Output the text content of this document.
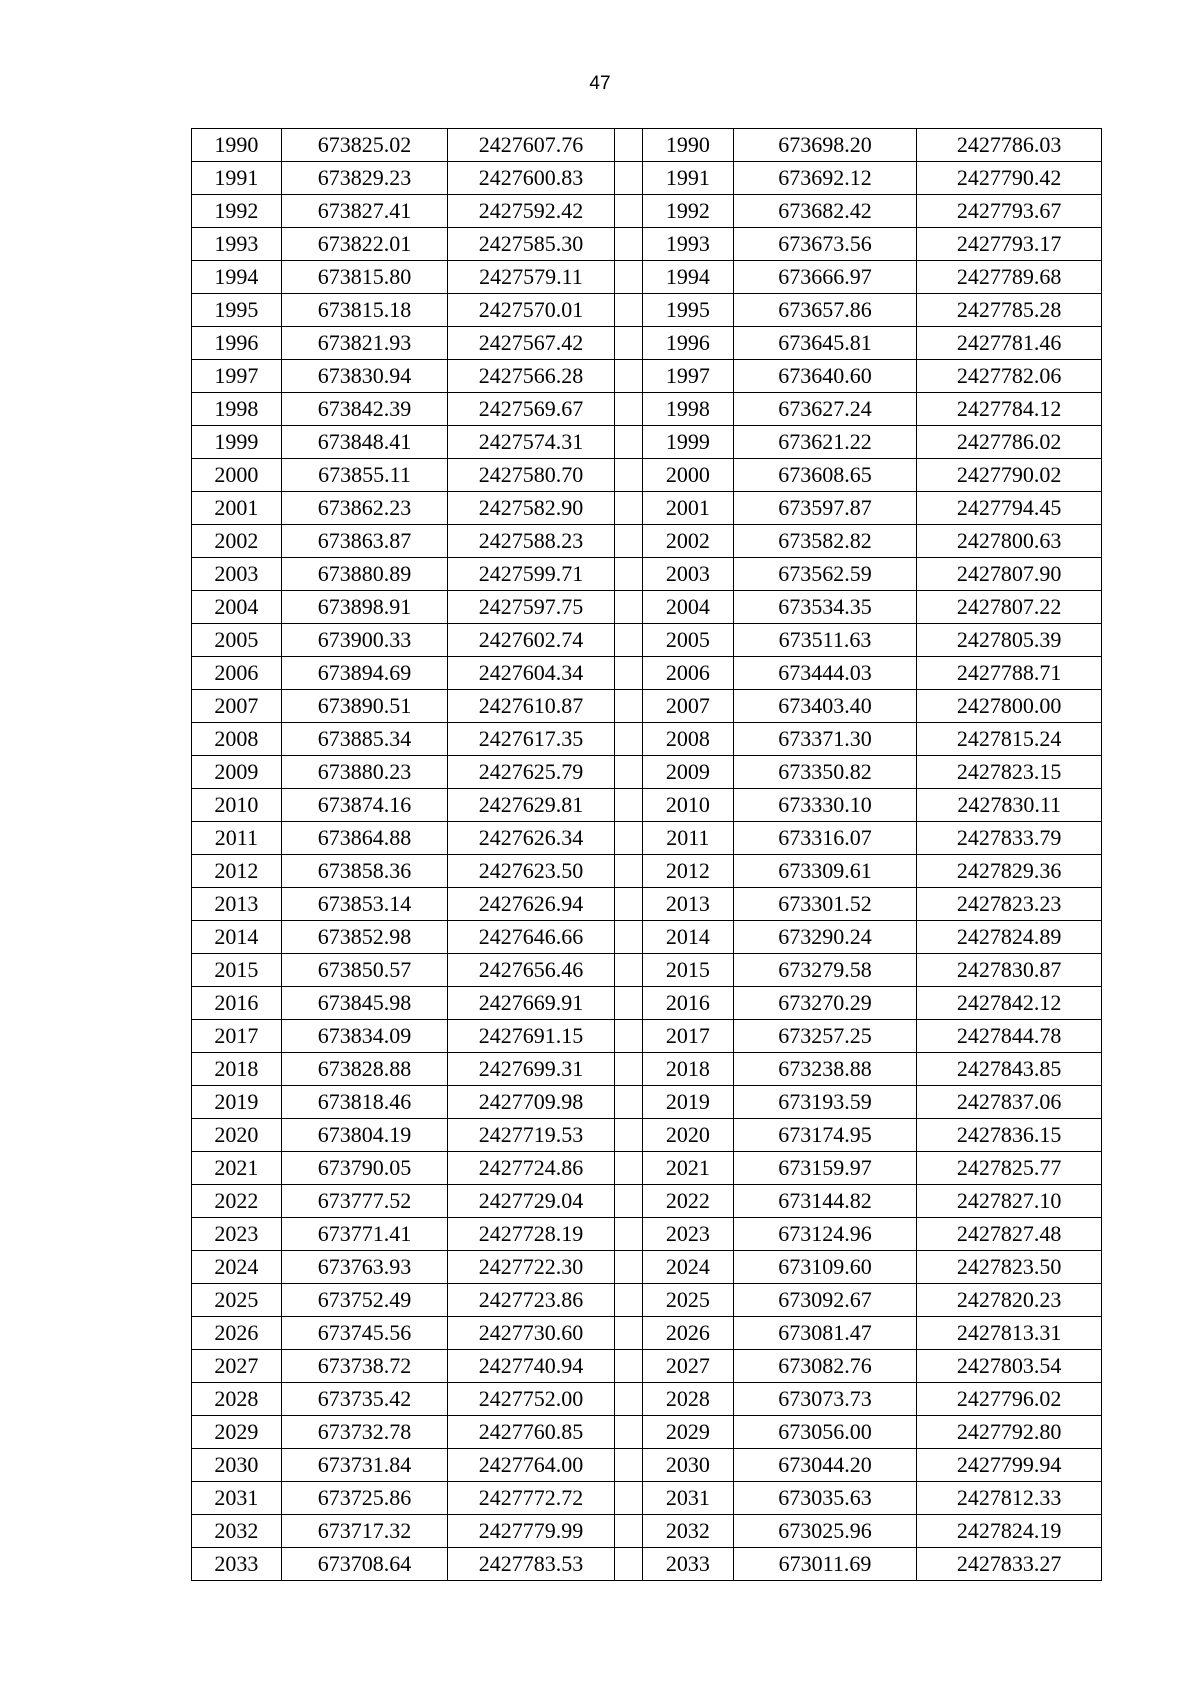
47
1990	673825.02	2427607.76		1990	673698.20	2427786.03
1991	673829.23	2427600.83		1991	673692.12	2427790.42
1992	673827.41	2427592.42		1992	673682.42	2427793.67
1993	673822.01	2427585.30		1993	673673.56	2427793.17
1994	673815.80	2427579.11		1994	673666.97	2427789.68
1995	673815.18	2427570.01		1995	673657.86	2427785.28
1996	673821.93	2427567.42		1996	673645.81	2427781.46
1997	673830.94	2427566.28		1997	673640.60	2427782.06
1998	673842.39	2427569.67		1998	673627.24	2427784.12
1999	673848.41	2427574.31		1999	673621.22	2427786.02
2000	673855.11	2427580.70		2000	673608.65	2427790.02
2001	673862.23	2427582.90		2001	673597.87	2427794.45
2002	673863.87	2427588.23		2002	673582.82	2427800.63
2003	673880.89	2427599.71		2003	673562.59	2427807.90
2004	673898.91	2427597.75		2004	673534.35	2427807.22
2005	673900.33	2427602.74		2005	673511.63	2427805.39
2006	673894.69	2427604.34		2006	673444.03	2427788.71
2007	673890.51	2427610.87		2007	673403.40	2427800.00
2008	673885.34	2427617.35		2008	673371.30	2427815.24
2009	673880.23	2427625.79		2009	673350.82	2427823.15
2010	673874.16	2427629.81		2010	673330.10	2427830.11
2011	673864.88	2427626.34		2011	673316.07	2427833.79
2012	673858.36	2427623.50		2012	673309.61	2427829.36
2013	673853.14	2427626.94		2013	673301.52	2427823.23
2014	673852.98	2427646.66		2014	673290.24	2427824.89
2015	673850.57	2427656.46		2015	673279.58	2427830.87
2016	673845.98	2427669.91		2016	673270.29	2427842.12
2017	673834.09	2427691.15		2017	673257.25	2427844.78
2018	673828.88	2427699.31		2018	673238.88	2427843.85
2019	673818.46	2427709.98		2019	673193.59	2427837.06
2020	673804.19	2427719.53		2020	673174.95	2427836.15
2021	673790.05	2427724.86		2021	673159.97	2427825.77
2022	673777.52	2427729.04		2022	673144.82	2427827.10
2023	673771.41	2427728.19		2023	673124.96	2427827.48
2024	673763.93	2427722.30		2024	673109.60	2427823.50
2025	673752.49	2427723.86		2025	673092.67	2427820.23
2026	673745.56	2427730.60		2026	673081.47	2427813.31
2027	673738.72	2427740.94		2027	673082.76	2427803.54
2028	673735.42	2427752.00		2028	673073.73	2427796.02
2029	673732.78	2427760.85		2029	673056.00	2427792.80
2030	673731.84	2427764.00		2030	673044.20	2427799.94
2031	673725.86	2427772.72		2031	673035.63	2427812.33
2032	673717.32	2427779.99		2032	673025.96	2427824.19
2033	673708.64	2427783.53		2033	673011.69	2427833.27
